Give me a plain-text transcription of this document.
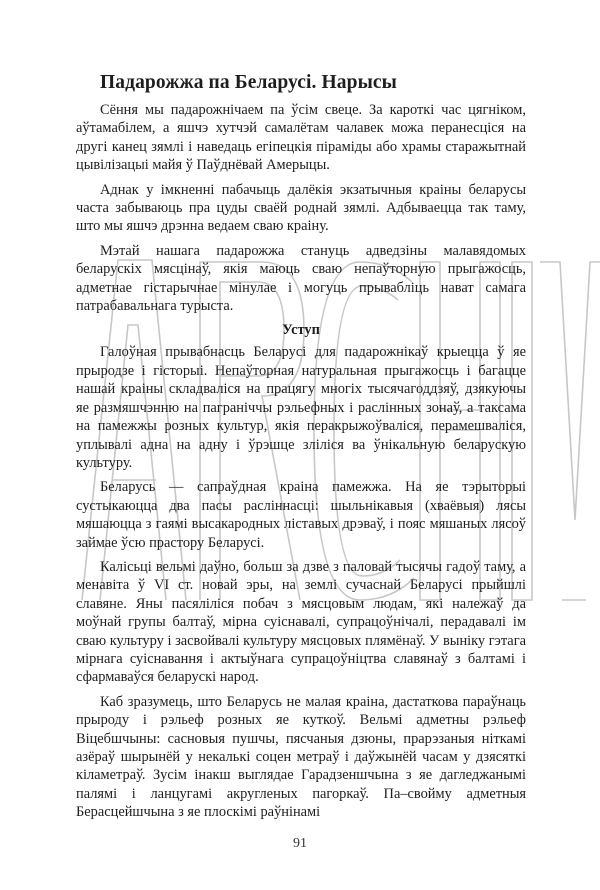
Падарожжа па Беларусі. Нарысы

Сёння мы падарожнічаем па ўсім свеце. За кароткі час цягніком, аўтамабілем, а яшчэ хутчэй самалётам чалавек можа перанесціся на другі канец зямлі і наведаць егіпецкія піраміды або храмы старажытнай цывілізацыі майя ў Паўднёвай Амерыцы.

Аднак у імкненні пабачыць далёкія экзатычныя краіны беларусы часта забываюць пра цуды сваёй роднай зямлі. Адбываецца так таму, што мы яшчэ дрэнна ведаем сваю краіну.

Мэтай нашага падарожжа стануць адведзіны малавядомых беларускіх мясцінаў, якія маюць сваю непаўторную прыгажосць, адметнае гістарычнае мінулае і могуць прываблiць нават самага патрабавальнага турыста.

Уступ

Галоўная прывабнасць Беларусі для падарожнікаў крыецца ў яе прыродзе і гісторыі. Непаўторная натуральная прыгажосць і багацце нашай краіны складваліся на працягу многіх тысячагоддзяў, дзякуючы яе размяшчэнню на пагранiччы рэльефных і раслінных зонаў, а таксама на памежжы розных культур, якія перакрыжоўваліся, перамешваліся, уплывалі адна на адну і ўрэшце зліліся ва ўнікальную беларускую культуру.

Беларусь — сапраўдная краіна памежжа. На яе тэрыторыі сустыкаюцца два пасы расліннасці: шыльнікавыя (хваёвыя) лясы мяшаюцца з гаямі высакародных ліставых дрэваў, і пояс мяшаных лясоў займае ўсю прастору Беларусі.

Калісьці вельмі даўно, больш за дзве з паловай тысячы гадоў таму, а менавіта ў VI ст. новай эры, на землі сучаснай Беларусі прыйшлі славяне. Яны пасяліліся побач з мясцовым людам, які належаў да моўнай групы балтаў, мірна суіснавалі, супрацоўнічалі, перадавалі ім сваю культуру і засвойвалі культуру мясцовых плямёнаў. У выніку гэтага мірнага суіснавання і актыўнага супрацоўніцтва славянаў з балтамі і сфармаваўся беларускі народ.

Каб зразумець, што Беларусь не малая краіна, дастаткова параўнаць прыроду і рэльеф розных яе куткоў. Вельмі адметны рэльеф Віцебшчыны: сасновыя пушчы, пясчаныя дзюны, прарэзаныя ніткамі азёраў шырынёй у некалькі соцен метраў і даўжынёй часам у дзясяткі кіламетраў. Зусім інакш выглядае Гарадзеншчына з яе дагледжанымі палямі і ланцугамі акругленых пагоркаў. Па–свойму адметныя Берасцейшчына з яе плоскімі раўнінамі

91
